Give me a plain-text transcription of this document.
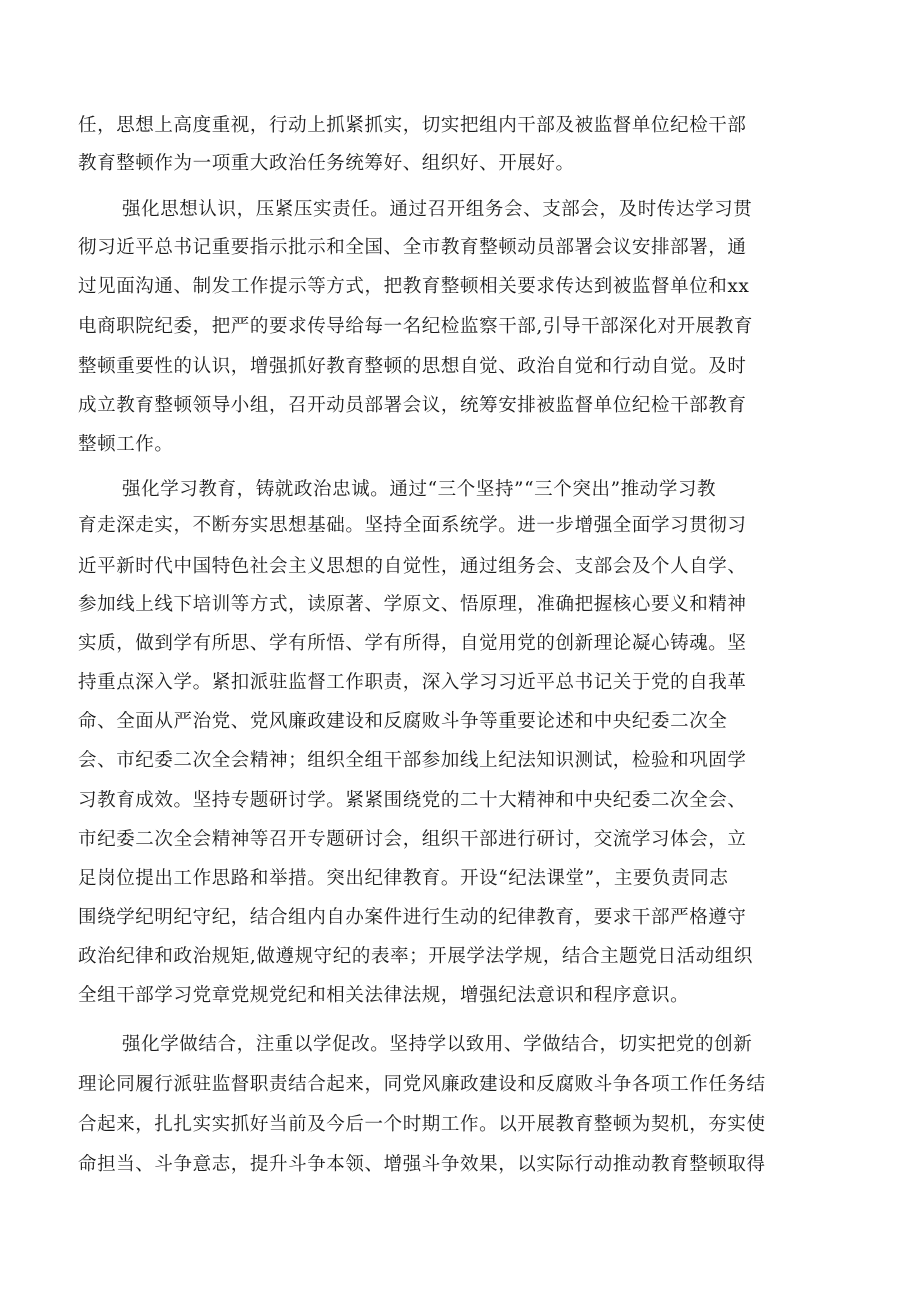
任，思想上高度重视，行动上抓紧抓实，切实把组内干部及被监督单位纪检干部
教育整顿作为一项重大政治任务统筹好、组织好、开展好。
强化思想认识，压紧压实责任。通过召开组务会、支部会，及时传达学习贯
彻习近平总书记重要指示批示和全国、全市教育整顿动员部署会议安排部署，通
过见面沟通、制发工作提示等方式，把教育整顿相关要求传达到被监督单位和xx
电商职院纪委，把严的要求传导给每一名纪检监察干部,引导干部深化对开展教育
整顿重要性的认识，增强抓好教育整顿的思想自觉、政治自觉和行动自觉。及时
成立教育整顿领导小组，召开动员部署会议，统筹安排被监督单位纪检干部教育
整顿工作。
强化学习教育，铸就政治忠诚。通过“三个坚持”“三个突出”推动学习教
育走深走实，不断夯实思想基础。坚持全面系统学。进一步增强全面学习贯彻习
近平新时代中国特色社会主义思想的自觉性，通过组务会、支部会及个人自学、
参加线上线下培训等方式，读原著、学原文、悟原理，准确把握核心要义和精神
实质，做到学有所思、学有所悟、学有所得，自觉用党的创新理论凝心铸魂。坚
持重点深入学。紧扣派驻监督工作职责，深入学习习近平总书记关于党的自我革
命、全面从严治党、党风廉政建设和反腐败斗争等重要论述和中央纪委二次全
会、市纪委二次全会精神；组织全组干部参加线上纪法知识测试，检验和巩固学
习教育成效。坚持专题研讨学。紧紧围绕党的二十大精神和中央纪委二次全会、
市纪委二次全会精神等召开专题研讨会，组织干部进行研讨，交流学习体会，立
足岗位提出工作思路和举措。突出纪律教育。开设“纪法课堂”，主要负责同志
围绕学纪明纪守纪，结合组内自办案件进行生动的纪律教育，要求干部严格遵守
政治纪律和政治规矩,做遵规守纪的表率；开展学法学规，结合主题党日活动组织
全组干部学习党章党规党纪和相关法律法规，增强纪法意识和程序意识。
强化学做结合，注重以学促改。坚持学以致用、学做结合，切实把党的创新
理论同履行派驻监督职责结合起来，同党风廉政建设和反腐败斗争各项工作任务结
合起来，扎扎实实抓好当前及今后一个时期工作。以开展教育整顿为契机，夯实使
命担当、斗争意志，提升斗争本领、增强斗争效果，以实际行动推动教育整顿取得
